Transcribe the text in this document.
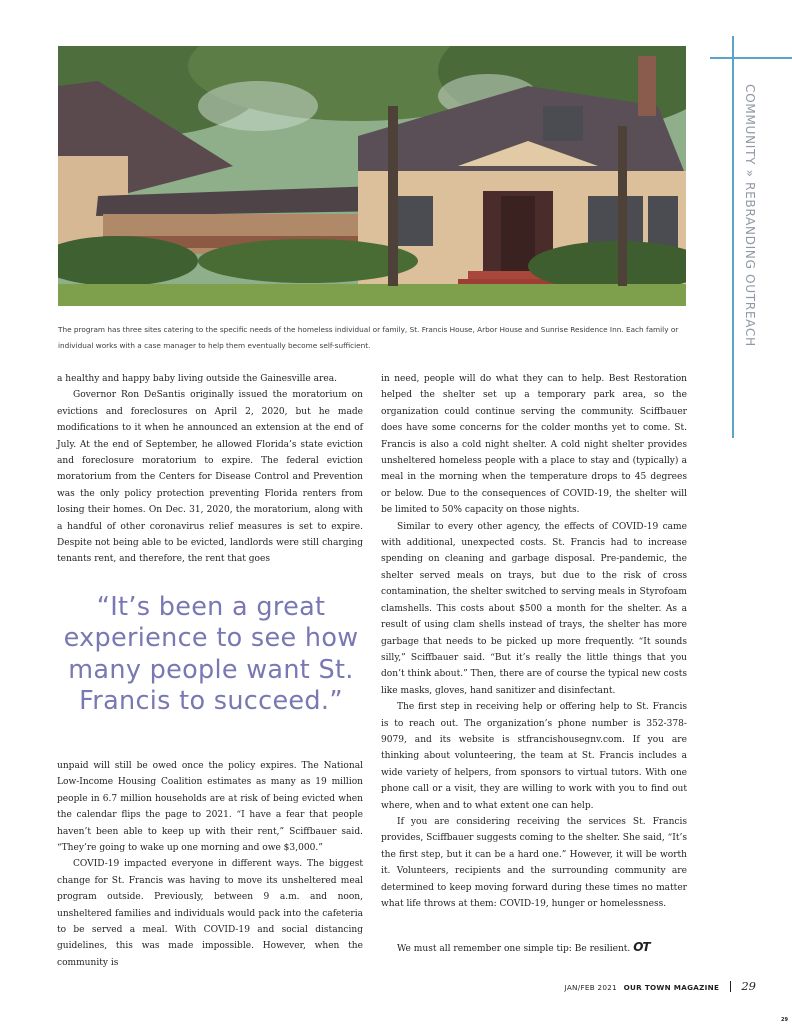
The program has three sites catering to the specific needs of the homeless individual or family, St. Francis House, Arbor House and Sunrise Residence Inn. Each family or individual works with a case manager to help them eventually become self-sufficient.	COMMUNITY » REBRANDING OUTREACH

a healthy and happy baby living outside the Gainesville area.

Governor Ron DeSantis originally issued the moratorium on evictions and foreclosures on April 2, 2020, but he made modifications to it when he announced an extension at the end of July. At the end of September, he allowed Florida’s state eviction and foreclosure moratorium to expire. The federal eviction moratorium from the Centers for Disease Control and Prevention was the only policy protection preventing Florida renters from losing their homes. On Dec. 31, 2020, the moratorium, along with a handful of other coronavirus relief measures is set to expire. Despite not being able to be evicted, landlords were still charging tenants rent, and therefore, the rent that goes

“It’s been a great experience to see how many people want St. Francis to succeed.”

unpaid will still be owed once the policy expires. The National Low-Income Housing Coalition estimates as many as 19 million people in 6.7 million households are at risk of being evicted when the calendar flips the page to 2021. “I have a fear that people haven’t been able to keep up with their rent,” Sciffbauer said. “They’re going to wake up one morning and owe $3,000.”

COVID-19 impacted everyone in different ways. The biggest change for St. Francis was having to move its unsheltered meal program outside. Previously, between 9 a.m. and noon, unsheltered families and individuals would pack into the cafeteria to be served a meal. With COVID-19 and social distancing guidelines, this was made impossible. However, when the community is

in need, people will do what they can to help. Best Restoration helped the shelter set up a temporary park area, so the organization could continue serving the community. Sciffbauer does have some concerns for the colder months yet to come. St. Francis is also a cold night shelter. A cold night shelter provides unsheltered homeless people with a place to stay and (typically) a meal in the morning when the temperature drops to 45 degrees or below. Due to the consequences of COVID-19, the shelter will be limited to 50% capacity on those nights.

Similar to every other agency, the effects of COVID-19 came with additional, unexpected costs. St. Francis had to increase spending on cleaning and garbage disposal. Pre-pandemic, the shelter served meals on trays, but due to the risk of cross contamination, the shelter switched to serving meals in Styrofoam clamshells. This costs about $500 a month for the shelter. As a result of using clam shells instead of trays, the shelter has more garbage that needs to be picked up more frequently. “It sounds silly,” Sciffbauer said. “But it’s really the little things that you don’t think about.” Then, there are of course the typical new costs like masks, gloves, hand sanitizer and disinfectant.

The first step in receiving help or offering help to St. Francis is to reach out. The organization’s phone number is 352-378-9079, and its website is stfrancishousegnv.com. If you are thinking about volunteering, the team at St. Francis includes a wide variety of helpers, from sponsors to virtual tutors. With one phone call or a visit, they are willing to work with you to find out where, when and to what extent one can help.

If you are considering receiving the services St. Francis provides, Sciffbauer suggests coming to the shelter. She said, “It’s the first step, but it can be a hard one.” However, it will be worth it. Volunteers, recipients and the surrounding community are determined to keep moving forward during these times no matter what life throws at them: COVID-19, hunger or homelessness.

We must all remember one simple tip: Be resilient. OT
JAN/FEB 2021 OUR TOWN MAGAZINE 29
29
